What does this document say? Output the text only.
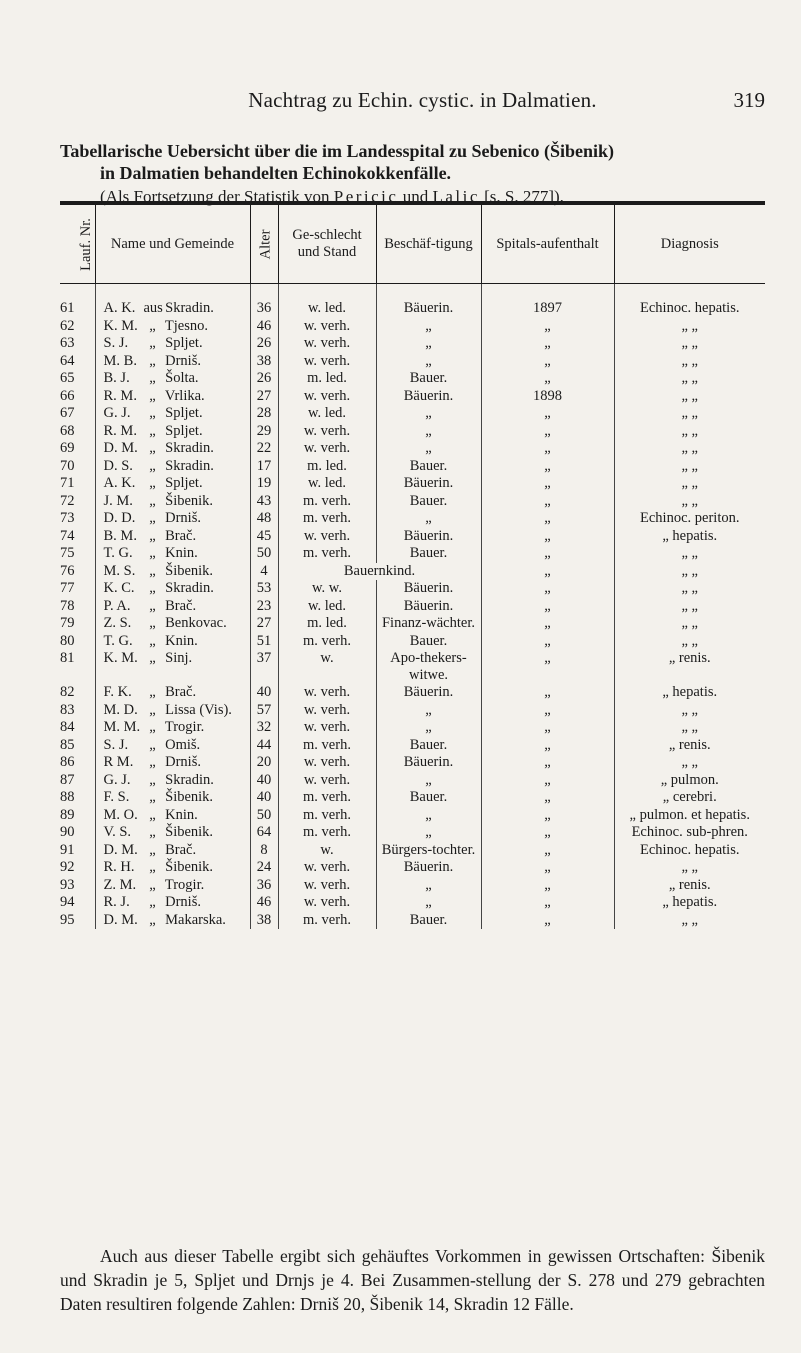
Nachtrag zu Echin. cystic. in Dalmatien.	319

Tabellarische Uebersicht über die im Landesspital zu Sebenico (Šibenik)

in Dalmatien behandelten Echinokokkenfälle.

(Als Fortsetzung der Statistik von Pericic und Lalic [s. S. 277]).

Lauf. Nr.	Name und Gemeinde	Alter	Ge-schlecht und Stand	Beschäf-tigung	Spitals-aufenthalt	Diagnosis

61	A. K. aus Skradin.	36	w. led.	Bäuerin.	1897	Echinoc. hepatis.
62	K. M. „ Tjesno.	46	w. verh.	„	„	„ „
63	S. J. „ Spljet.	26	w. verh.	„	„	„ „
64	M. B. „ Drniš.	38	w. verh.	„	„	„ „
65	B. J. „ Šolta.	26	m. led.	Bauer.	„	„ „
66	R. M. „ Vrlika.	27	w. verh.	Bäuerin.	1898	„ „
67	G. J. „ Spljet.	28	w. led.	„	„	„ „
68	R. M. „ Spljet.	29	w. verh.	„	„	„ „
69	D. M. „ Skradin.	22	w. verh.	„	„	„ „
70	D. S. „ Skradin.	17	m. led.	Bauer.	„	„ „
71	A. K. „ Spljet.	19	w. led.	Bäuerin.	„	„ „
72	J. M. „ Šibenik.	43	m. verh.	Bauer.	„	„ „
73	D. D. „ Drniš.	48	m. verh.	„	„	Echinoc. periton.
74	B. M. „ Brač.	45	w. verh.	Bäuerin.	„	„ hepatis.
75	T. G. „ Knin.	50	m. verh.	Bauer.	„	„ „
76	M. S. „ Šibenik.	4	Bauernkind.		„	„ „
77	K. C. „ Skradin.	53	w. w.	Bäuerin.	„	„ „
78	P. A. „ Brač.	23	w. led.	Bäuerin.	„	„ „
79	Z. S. „ Benkovac.	27	m. led.	Finanz-wächter.	„	„ „
80	T. G. „ Knin.	51	m. verh.	Bauer.	„	„ „
81	K. M. „ Sinj.	37	w.	Apo-thekers-witwe.	„	„ renis.
82	F. K. „ Brač.	40	w. verh.	Bäuerin.	„	„ hepatis.
83	M. D. „ Lissa (Vis).	57	w. verh.	„	„	„ „
84	M. M. „ Trogir.	32	w. verh.	„	„	„ „
85	S. J. „ Omiš.	44	m. verh.	Bauer.	„	„ renis.
86	R M. „ Drniš.	20	w. verh.	Bäuerin.	„	„ „
87	G. J. „ Skradin.	40	w. verh.	„	„	„ pulmon.
88	F. S. „ Šibenik.	40	m. verh.	Bauer.	„	„ cerebri.
89	M. O. „ Knin.	50	m. verh.	„	„	„ pulmon. et hepatis.
90	V. S. „ Šibenik.	64	m. verh.	„	„	Echinoc. sub-phren.
91	D. M. „ Brač.	8	w.	Bürgers-tochter.	„	Echinoc. hepatis.
92	R. H. „ Šibenik.	24	w. verh.	Bäuerin.	„	„ „
93	Z. M. „ Trogir.	36	w. verh.	„	„	„ renis.
94	R. J. „ Drniš.	46	w. verh.	„	„	„ hepatis.
95	D. M. „ Makarska.	38	m. verh.	Bauer.	„	„ „

Auch aus dieser Tabelle ergibt sich gehäuftes Vorkommen in gewissen Ortschaften: Šibenik und Skradin je 5, Spljet und Drnjs je 4. Bei Zusammen-stellung der S. 278 und 279 gebrachten Daten resultiren folgende Zahlen: Drniš 20, Šibenik 14, Skradin 12 Fälle.
